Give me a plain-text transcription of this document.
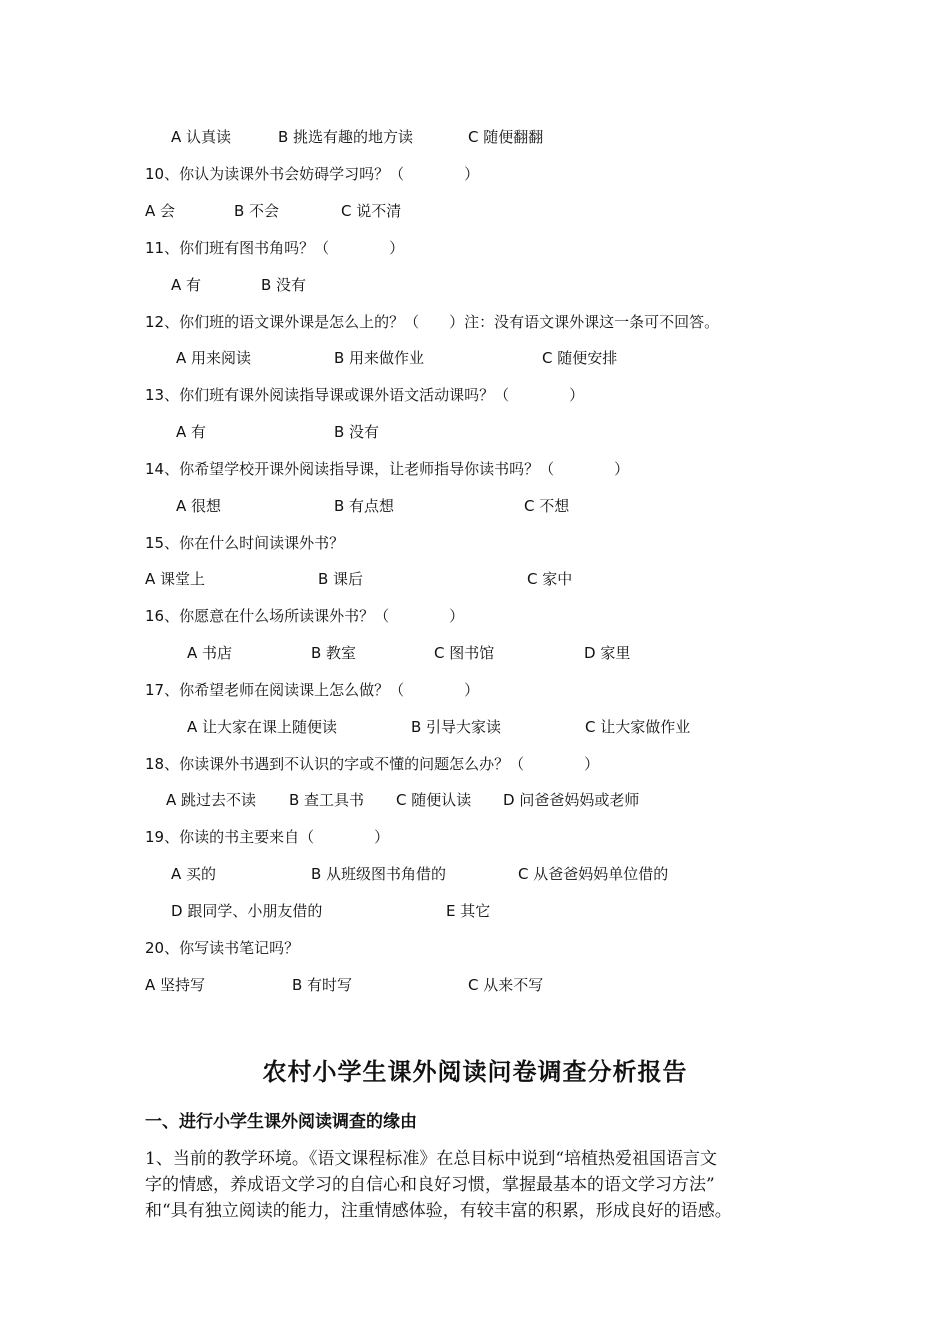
A 认真读	B 挑选有趣的地方读	C 随便翻翻
10、你认为读课外书会妨碍学习吗？（　　　　）
A 会	B 不会	C 说不清
11、你们班有图书角吗？（　　　　）
A 有	B 没有
12、你们班的语文课外课是怎么上的？（　　）注：没有语文课外课这一条可不回答。
A 用来阅读	B 用来做作业	C 随便安排
13、你们班有课外阅读指导课或课外语文活动课吗？（　　　　）
A 有	B 没有
14、你希望学校开课外阅读指导课，让老师指导你读书吗？（　　　　）
A 很想	B 有点想	C 不想
15、你在什么时间读课外书？
A 课堂上	B 课后	C 家中
16、你愿意在什么场所读课外书？（　　　　）
A 书店	B 教室	C 图书馆	D 家里
17、你希望老师在阅读课上怎么做？（　　　　）
A 让大家在课上随便读	B 引导大家读	C 让大家做作业
18、你读课外书遇到不认识的字或不懂的问题怎么办？（　　　　）
A 跳过去不读 B 查工具书 C 随便认读 D 问爸爸妈妈或老师
19、你读的书主要来自（　　　　）
A 买的	B 从班级图书角借的	C 从爸爸妈妈单位借的
D 跟同学、小朋友借的	E 其它
20、你写读书笔记吗？
A 坚持写	B 有时写	C 从来不写
农村小学生课外阅读问卷调查分析报告
一、进行小学生课外阅读调查的缘由
1、当前的教学环境。《语文课程标准》在总目标中说到“培植热爱祖国语言文
字的情感，养成语文学习的自信心和良好习惯，掌握最基本的语文学习方法”
和“具有独立阅读的能力，注重情感体验，有较丰富的积累，形成良好的语感。
